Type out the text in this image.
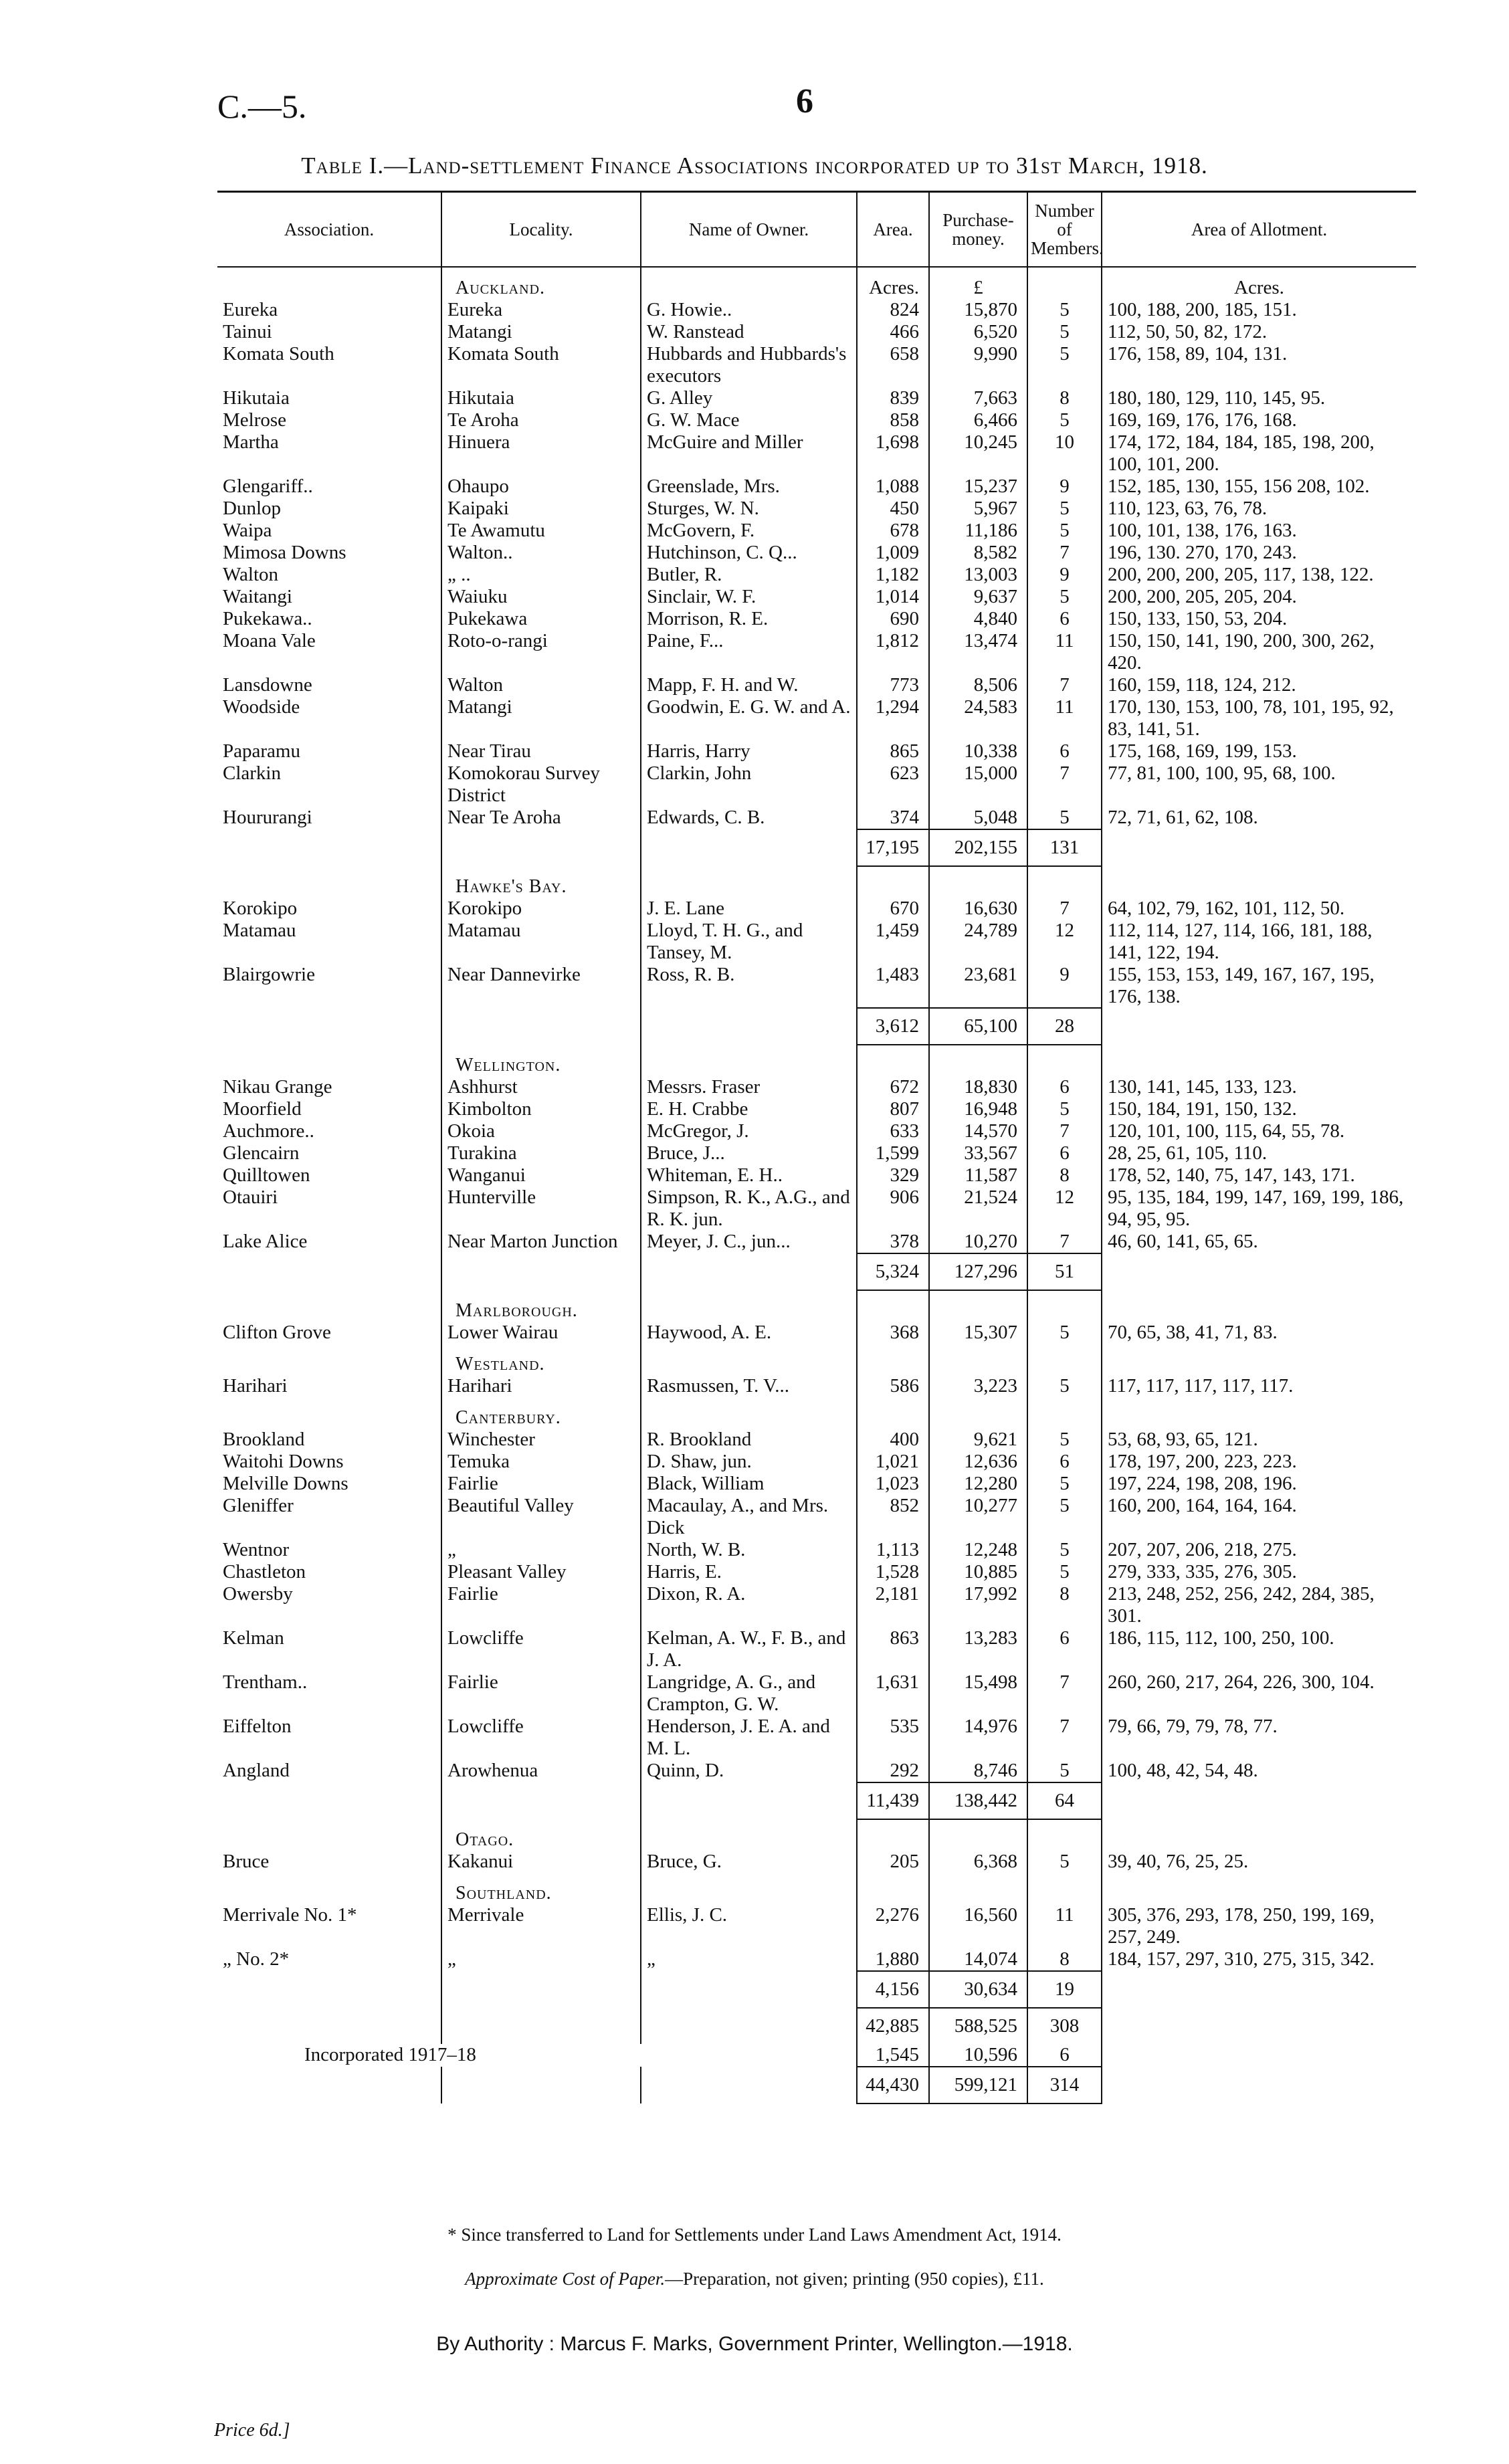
C.—5.	6
Table I.—Land-settlement Finance Associations incorporated up to 31st March, 1918.
Association.	Locality.	Name of Owner.	Area.	Purchase-money.	Number of Members.	Area of Allotment.
	Auckland.		Acres.	£		Acres.
Eureka	Eureka	G. Howie..	824	15,870	5	100, 188, 200, 185, 151.
Tainui	Matangi	W. Ranstead	466	6,520	5	112, 50, 50, 82, 172.
Komata South	Komata South	Hubbards and Hubbards's executors	658	9,990	5	176, 158, 89, 104, 131.
Hikutaia	Hikutaia	G. Alley	839	7,663	8	180, 180, 129, 110, 145, 95.
Melrose	Te Aroha	G. W. Mace	858	6,466	5	169, 169, 176, 176, 168.
Martha	Hinuera	McGuire and Miller	1,698	10,245	10	174, 172, 184, 184, 185, 198, 200, 100, 101, 200.
Glengariff..	Ohaupo	Greenslade, Mrs.	1,088	15,237	9	152, 185, 130, 155, 156 208, 102.
Dunlop	Kaipaki	Sturges, W. N.	450	5,967	5	110, 123, 63, 76, 78.
Waipa	Te Awamutu	McGovern, F.	678	11,186	5	100, 101, 138, 176, 163.
Mimosa Downs	Walton..	Hutchinson, C. Q...	1,009	8,582	7	196, 130. 270, 170, 243.
Walton	„ ..	Butler, R.	1,182	13,003	9	200, 200, 200, 205, 117, 138, 122.
Waitangi	Waiuku	Sinclair, W. F.	1,014	9,637	5	200, 200, 205, 205, 204.
Pukekawa..	Pukekawa	Morrison, R. E.	690	4,840	6	150, 133, 150, 53, 204.
Moana Vale	Roto-o-rangi	Paine, F...	1,812	13,474	11	150, 150, 141, 190, 200, 300, 262, 420.
Lansdowne	Walton	Mapp, F. H. and W.	773	8,506	7	160, 159, 118, 124, 212.
Woodside	Matangi	Goodwin, E. G. W. and A.	1,294	24,583	11	170, 130, 153, 100, 78, 101, 195, 92, 83, 141, 51.
Paparamu	Near Tirau	Harris, Harry	865	10,338	6	175, 168, 169, 199, 153.
Clarkin	Komokorau Survey District	Clarkin, John	623	15,000	7	77, 81, 100, 100, 95, 68, 100.
Hoururangi	Near Te Aroha	Edwards, C. B.	374	5,048	5	72, 71, 61, 62, 108.
			17,195	202,155	131	
	Hawke's Bay.					
Korokipo	Korokipo	J. E. Lane	670	16,630	7	64, 102, 79, 162, 101, 112, 50.
Matamau	Matamau	Lloyd, T. H. G., and Tansey, M.	1,459	24,789	12	112, 114, 127, 114, 166, 181, 188, 141, 122, 194.
Blairgowrie	Near Dannevirke	Ross, R. B.	1,483	23,681	9	155, 153, 153, 149, 167, 167, 195, 176, 138.
			3,612	65,100	28	
	Wellington.					
Nikau Grange	Ashhurst	Messrs. Fraser	672	18,830	6	130, 141, 145, 133, 123.
Moorfield	Kimbolton	E. H. Crabbe	807	16,948	5	150, 184, 191, 150, 132.
Auchmore..	Okoia	McGregor, J.	633	14,570	7	120, 101, 100, 115, 64, 55, 78.
Glencairn	Turakina	Bruce, J...	1,599	33,567	6	28, 25, 61, 105, 110.
Quilltowen	Wanganui	Whiteman, E. H..	329	11,587	8	178, 52, 140, 75, 147, 143, 171.
Otauiri	Hunterville	Simpson, R. K., A.G., and R. K. jun.	906	21,524	12	95, 135, 184, 199, 147, 169, 199, 186, 94, 95, 95.
Lake Alice	Near Marton Junction	Meyer, J. C., jun...	378	10,270	7	46, 60, 141, 65, 65.
			5,324	127,296	51	
	Marlborough.					
Clifton Grove	Lower Wairau	Haywood, A. E.	368	15,307	5	70, 65, 38, 41, 71, 83.
	Westland.					
Harihari	Harihari	Rasmussen, T. V...	586	3,223	5	117, 117, 117, 117, 117.
	Canterbury.					
Brookland	Winchester	R. Brookland	400	9,621	5	53, 68, 93, 65, 121.
Waitohi Downs	Temuka	D. Shaw, jun.	1,021	12,636	6	178, 197, 200, 223, 223.
Melville Downs	Fairlie	Black, William	1,023	12,280	5	197, 224, 198, 208, 196.
Gleniffer	Beautiful Valley	Macaulay, A., and Mrs. Dick	852	10,277	5	160, 200, 164, 164, 164.
Wentnor	„	North, W. B.	1,113	12,248	5	207, 207, 206, 218, 275.
Chastleton	Pleasant Valley	Harris, E.	1,528	10,885	5	279, 333, 335, 276, 305.
Owersby	Fairlie	Dixon, R. A.	2,181	17,992	8	213, 248, 252, 256, 242, 284, 385, 301.
Kelman	Lowcliffe	Kelman, A. W., F. B., and J. A.	863	13,283	6	186, 115, 112, 100, 250, 100.
Trentham..	Fairlie	Langridge, A. G., and Crampton, G. W.	1,631	15,498	7	260, 260, 217, 264, 226, 300, 104.
Eiffelton	Lowcliffe	Henderson, J. E. A. and M. L.	535	14,976	7	79, 66, 79, 79, 78, 77.
Angland	Arowhenua	Quinn, D.	292	8,746	5	100, 48, 42, 54, 48.
			11,439	138,442	64	
	Otago.					
Bruce	Kakanui	Bruce, G.	205	6,368	5	39, 40, 76, 25, 25.
	Southland.					
Merrivale No. 1*	Merrivale	Ellis, J. C.	2,276	16,560	11	305, 376, 293, 178, 250, 199, 169, 257, 249.
„ No. 2*	„	„	1,880	14,074	8	184, 157, 297, 310, 275, 315, 342.
			4,156	30,634	19	
			42,885	588,525	308	
Incorporated 1917–18			1,545	10,596	6	
			44,430	599,121	314	
* Since transferred to Land for Settlements under Land Laws Amendment Act, 1914.
Approximate Cost of Paper.—Preparation, not given; printing (950 copies), £11.
By Authority : Marcus F. Marks, Government Printer, Wellington.—1918.
Price 6d.]
